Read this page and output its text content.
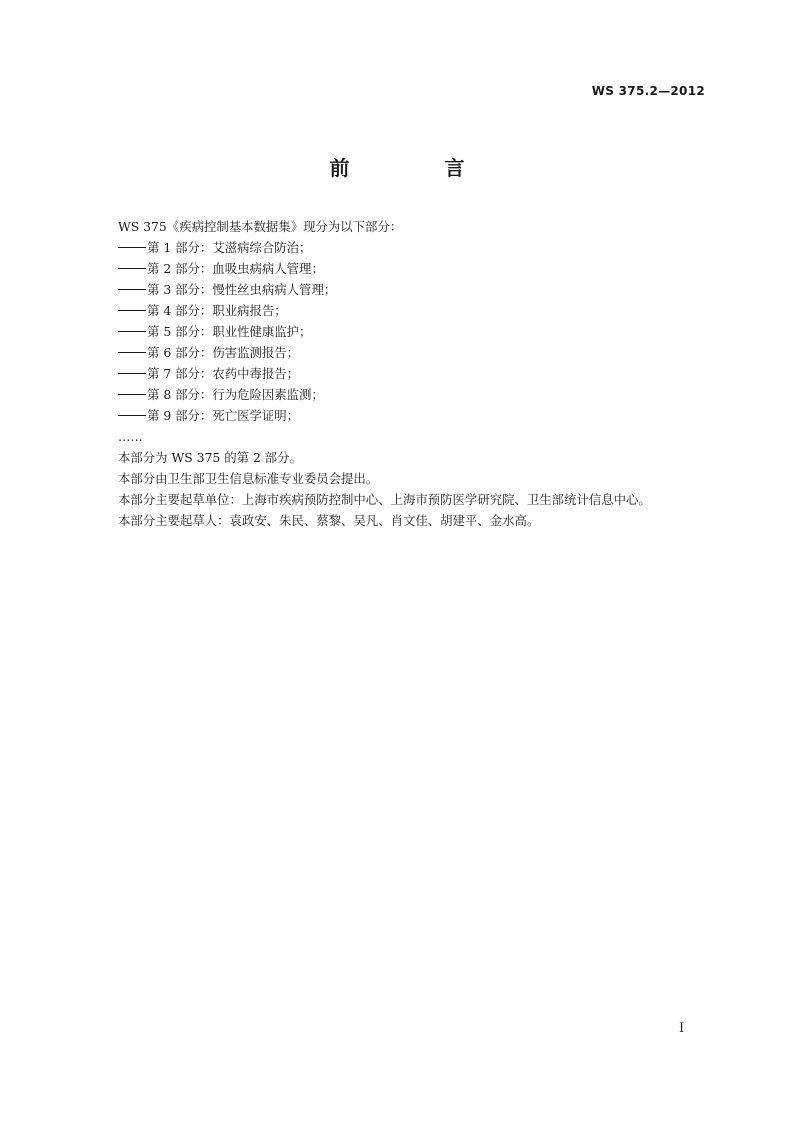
WS 375.2—2012
前 言
WS 375《疾病控制基本数据集》现分为以下部分：
第 1 部分：艾滋病综合防治；
第 2 部分：血吸虫病病人管理；
第 3 部分：慢性丝虫病病人管理；
第 4 部分：职业病报告；
第 5 部分：职业性健康监护；
第 6 部分：伤害监测报告；
第 7 部分：农药中毒报告；
第 8 部分：行为危险因素监测；
第 9 部分：死亡医学证明；
……
本部分为 WS 375 的第 2 部分。
本部分由卫生部卫生信息标准专业委员会提出。
本部分主要起草单位：上海市疾病预防控制中心、上海市预防医学研究院、卫生部统计信息中心。
本部分主要起草人：袁政安、朱民、蔡黎、吴凡、肖文佳、胡建平、金水高。
I
